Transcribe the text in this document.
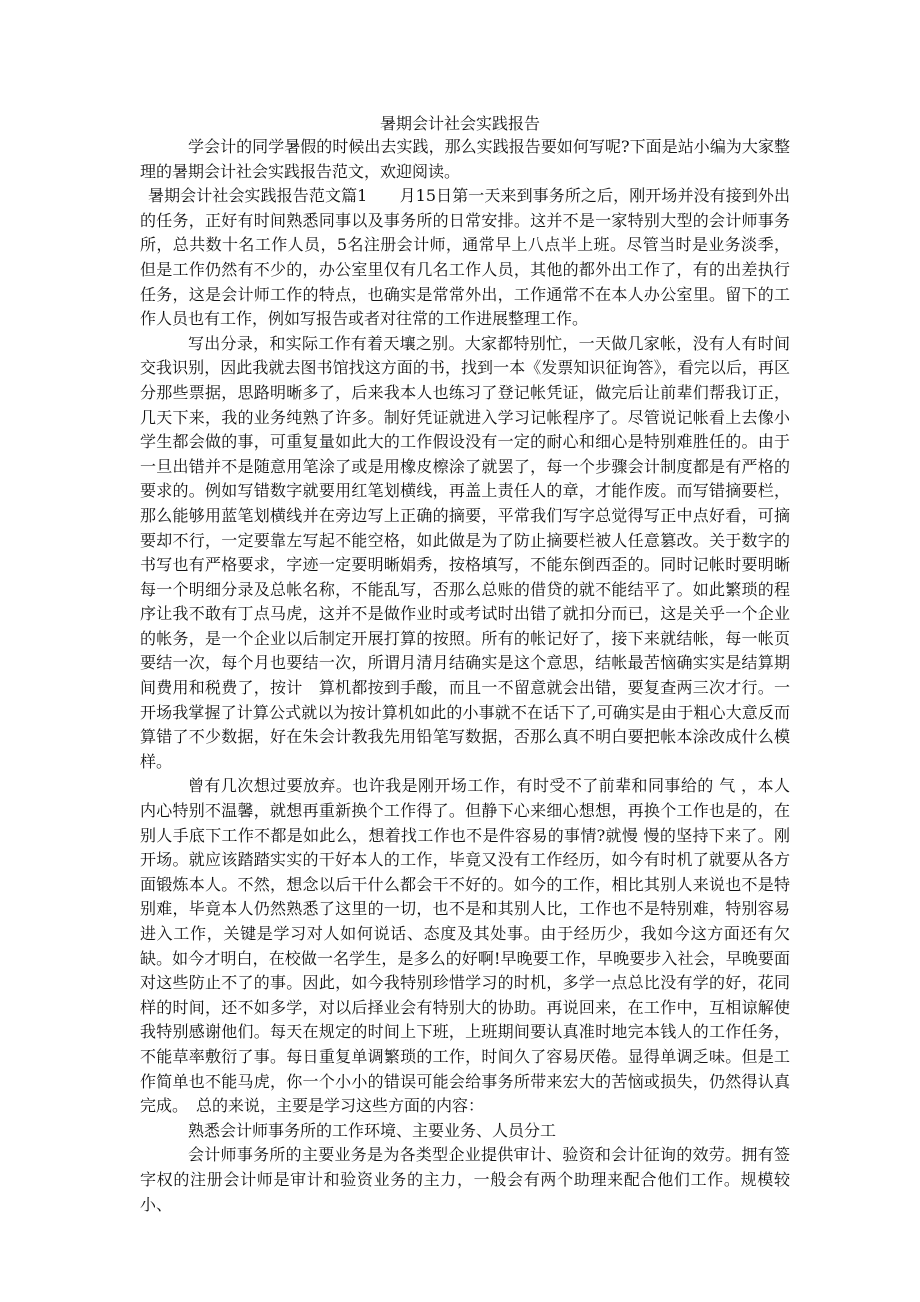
暑期会计社会实践报告

学会计的同学暑假的时候出去实践，那么实践报告要如何写呢?下面是站小编为大家整理的暑期会计社会实践报告范文，欢迎阅读。

暑期会计社会实践报告范文篇1　　月15日第一天来到事务所之后，刚开场并没有接到外出的任务，正好有时间熟悉同事以及事务所的日常安排。这并不是一家特别大型的会计师事务所，总共数十名工作人员，5名注册会计师，通常早上八点半上班。尽管当时是业务淡季，但是工作仍然有不少的，办公室里仅有几名工作人员，其他的都外出工作了，有的出差执行任务，这是会计师工作的特点，也确实是常常外出，工作通常不在本人办公室里。留下的工作人员也有工作，例如写报告或者对往常的工作进展整理工作。

写出分录，和实际工作有着天壤之别。大家都特别忙，一天做几家帐，没有人有时间交我识别，因此我就去图书馆找这方面的书，找到一本《发票知识征询答》，看完以后，再区分那些票据，思路明晰多了，后来我本人也练习了登记帐凭证，做完后让前辈们帮我订正，几天下来，我的业务纯熟了许多。制好凭证就进入学习记帐程序了。尽管说记帐看上去像小学生都会做的事，可重复量如此大的工作假设没有一定的耐心和细心是特别难胜任的。由于一旦出错并不是随意用笔涂了或是用橡皮檫涂了就罢了，每一个步骤会计制度都是有严格的要求的。例如写错数字就要用红笔划横线，再盖上责任人的章，才能作废。而写错摘要栏，那么能够用蓝笔划横线并在旁边写上正确的摘要，平常我们写字总觉得写正中点好看，可摘要却不行，一定要靠左写起不能空格，如此做是为了防止摘要栏被人任意篡改。关于数字的书写也有严格要求，字迹一定要明晰娟秀，按格填写，不能东倒西歪的。同时记帐时要明晰每一个明细分录及总帐名称，不能乱写，否那么总账的借贷的就不能结平了。如此繁琐的程序让我不敢有丁点马虎，这并不是做作业时或考试时出错了就扣分而已，这是关乎一个企业的帐务，是一个企业以后制定开展打算的按照。所有的帐记好了，接下来就结帐，每一帐页要结一次，每个月也要结一次，所谓月清月结确实是这个意思，结帐最苦恼确实实是结算期间费用和税费了，按计　算机都按到手酸，而且一不留意就会出错，要复查两三次才行。一开场我掌握了计算公式就以为按计算机如此的小事就不在话下了,可确实是由于粗心大意反而算错了不少数据，好在朱会计教我先用铅笔写数据，否那么真不明白要把帐本涂改成什么模样。

曾有几次想过要放弃。也许我是刚开场工作，有时受不了前辈和同事给的 气 ，本人内心特别不温馨，就想再重新换个工作得了。但静下心来细心想想，再换个工作也是的，在别人手底下工作不都是如此么，想着找工作也不是件容易的事情?就慢 慢的坚持下来了。刚开场。就应该踏踏实实的干好本人的工作，毕竟又没有工作经历，如今有时机了就要从各方面锻炼本人。不然，想念以后干什么都会干不好的。如今的工作，相比其别人来说也不是特别难，毕竟本人仍然熟悉了这里的一切，也不是和其别人比，工作也不是特别难，特别容易进入工作，关键是学习对人如何说话、态度及其处事。由于经历少，我如今这方面还有欠缺。如今才明白，在校做一名学生，是多么的好啊!早晚要工作，早晚要步入社会，早晚要面对这些防止不了的事。因此，如今我特别珍惜学习的时机，多学一点总比没有学的好，花同样的时间，还不如多学，对以后择业会有特别大的协助。再说回来，在工作中，互相谅解使我特别感谢他们。每天在规定的时间上下班，上班期间要认真准时地完本钱人的工作任务，不能草率敷衍了事。每日重复单调繁琐的工作，时间久了容易厌倦。显得单调乏味。但是工作简单也不能马虎，你一个小小的错误可能会给事务所带来宏大的苦恼或损失，仍然得认真完成。　总的来说，主要是学习这些方面的内容：

熟悉会计师事务所的工作环境、主要业务、人员分工

会计师事务所的主要业务是为各类型企业提供审计、验资和会计征询的效劳。拥有签字权的注册会计师是审计和验资业务的主力，一般会有两个助理来配合他们工作。规模较小、
